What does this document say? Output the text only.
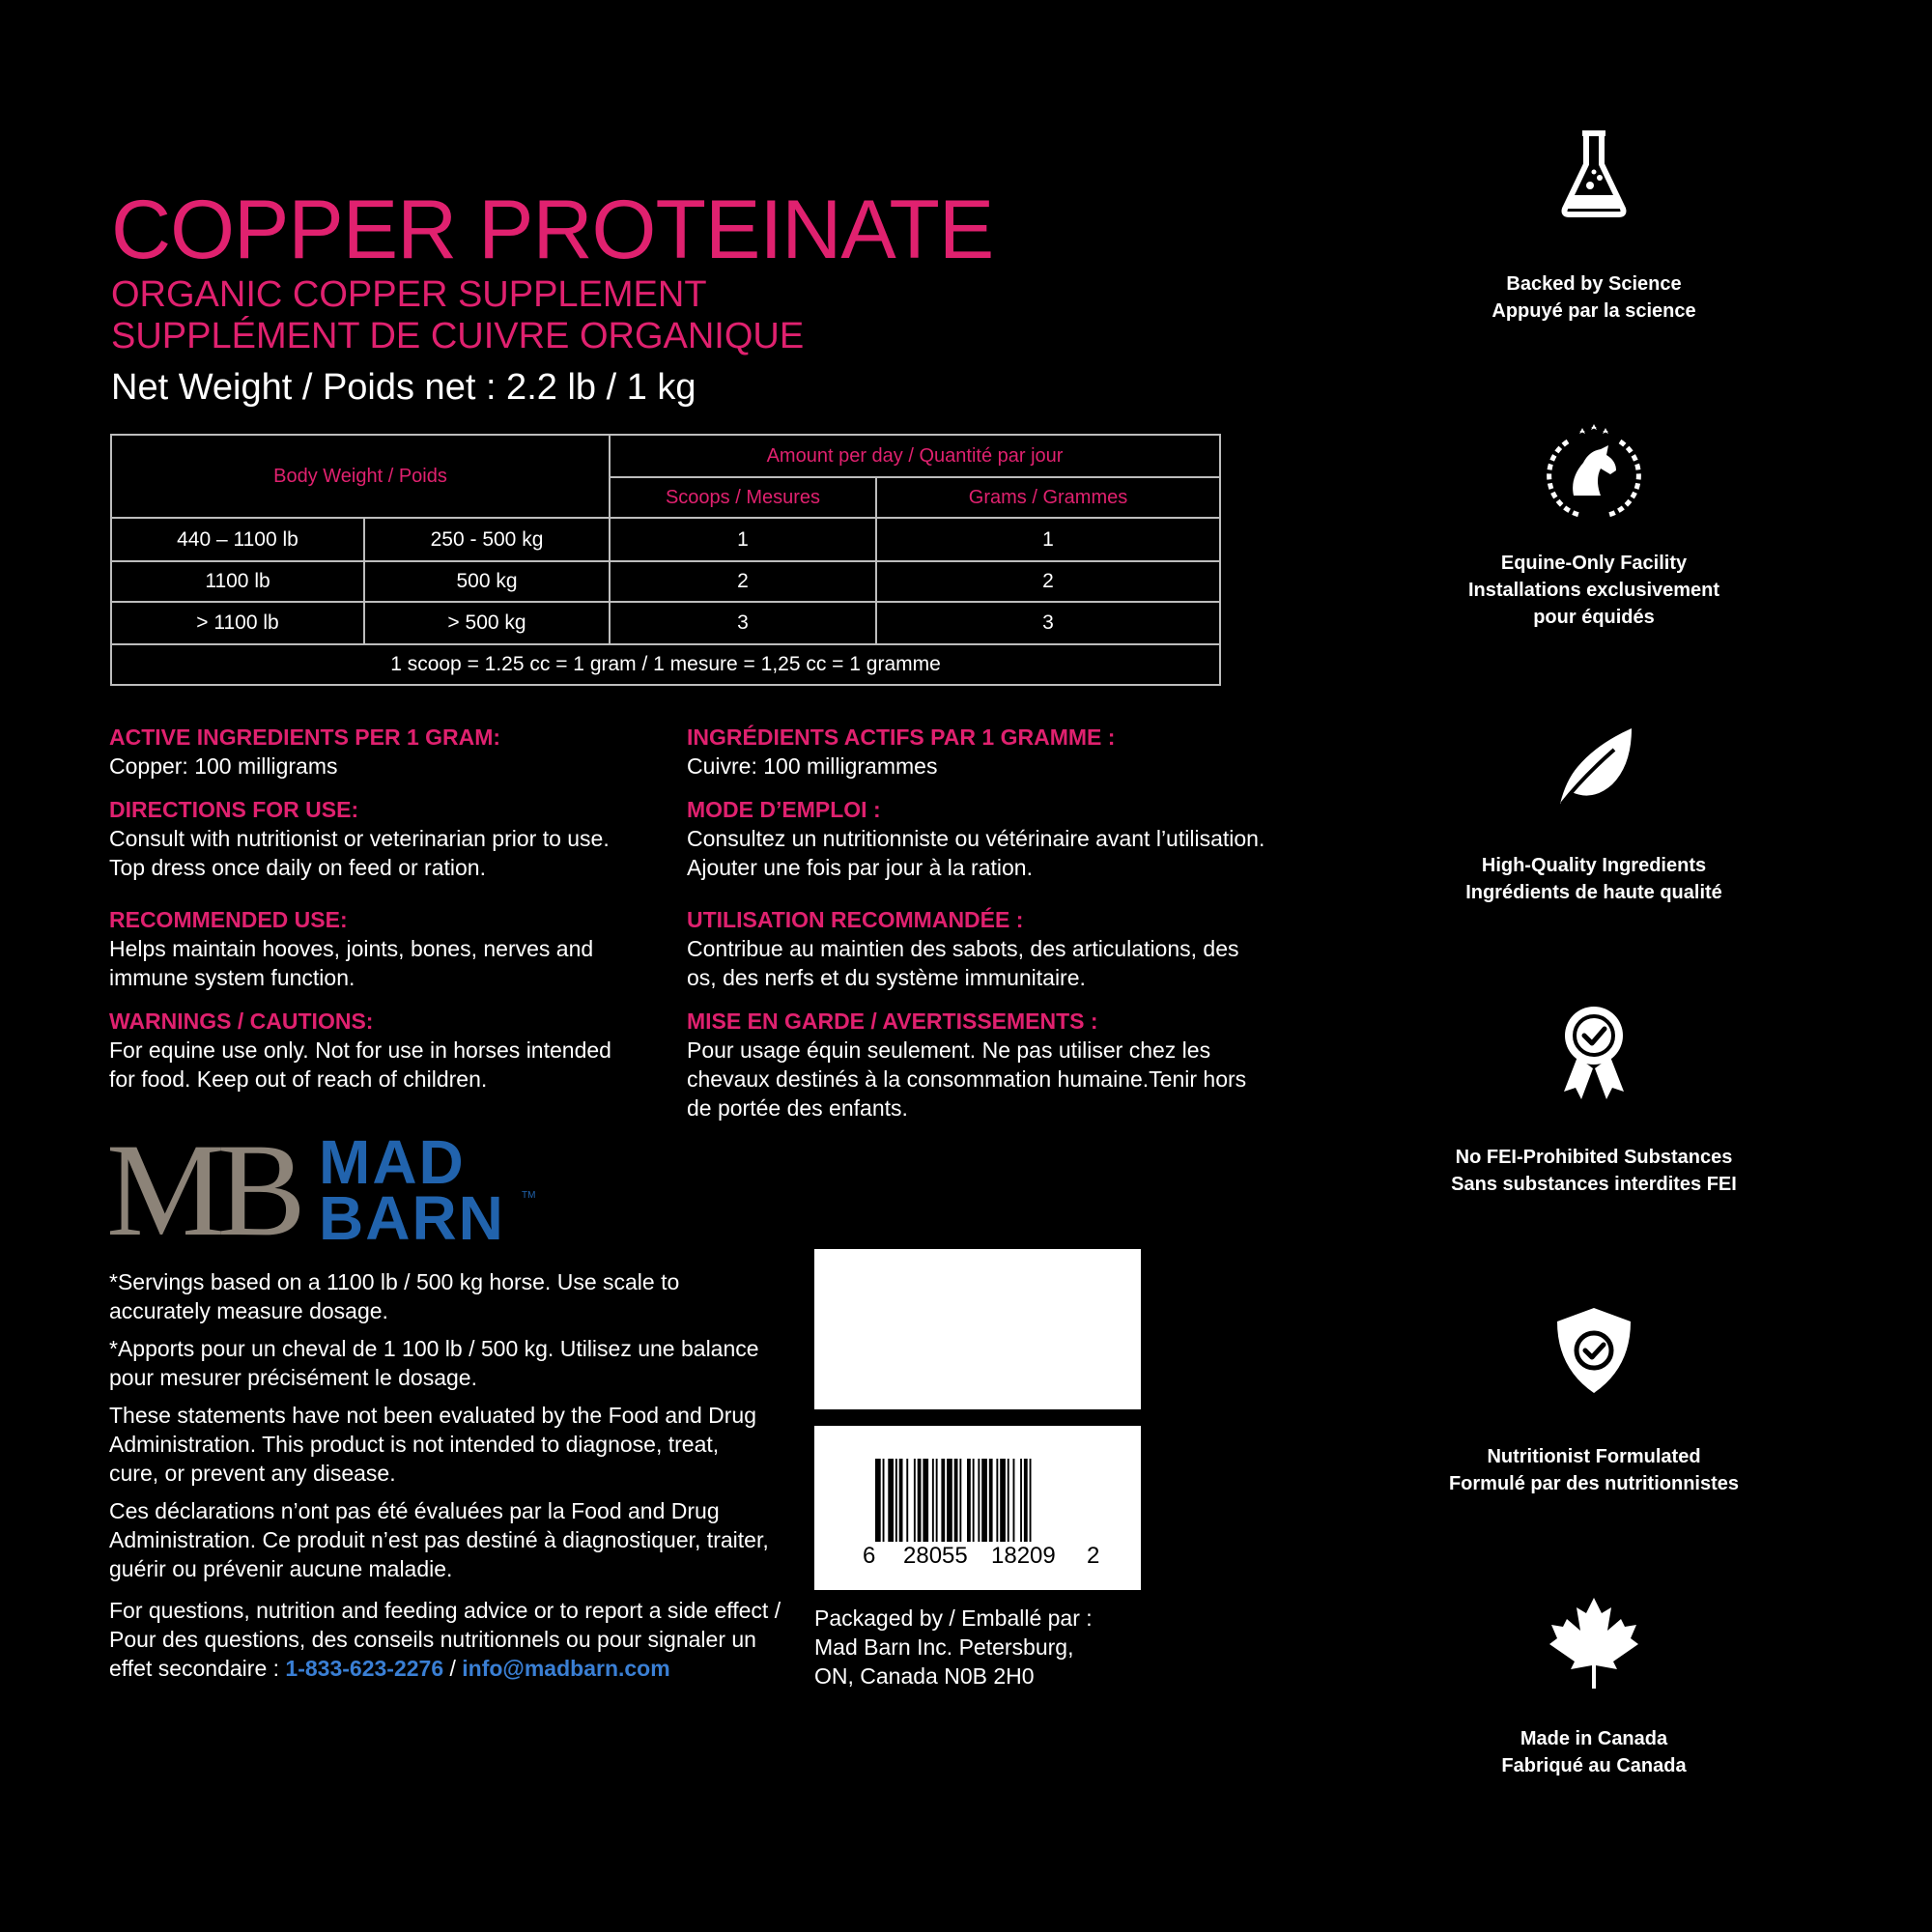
COPPER PROTEINATE
ORGANIC COPPER SUPPLEMENT
SUPPLÉMENT DE CUIVRE ORGANIQUE
Net Weight / Poids net : 2.2 lb / 1 kg
Body Weight / Poids		Amount per day / Quantité par jour	
		Scoops / Mesures	Grams / Grammes
440 – 1100 lb	250 - 500 kg	1	1
1100 lb	500 kg	2	2
> 1100 lb	> 500 kg	3	3
1 scoop = 1.25 cc = 1 gram / 1 mesure = 1,25 cc = 1 gramme			
ACTIVE INGREDIENTS PER 1 GRAM:
Copper: 100 milligrams
DIRECTIONS FOR USE:
Consult with nutritionist or veterinarian prior to use.
Top dress once daily on feed or ration.
RECOMMENDED USE:
Helps maintain hooves, joints, bones, nerves and
immune system function.
WARNINGS / CAUTIONS:
For equine use only. Not for use in horses intended
for food. Keep out of reach of children.
INGRÉDIENTS ACTIFS PAR 1 GRAMME :
Cuivre: 100 milligrammes
MODE D’EMPLOI :
Consultez un nutritionniste ou vétérinaire avant l’utilisation.
Ajouter une fois par jour à la ration.
UTILISATION RECOMMANDÉE :
Contribue au maintien des sabots, des articulations, des
os, des nerfs et du système immunitaire.
MISE EN GARDE / AVERTISSEMENTS :
Pour usage équin seulement. Ne pas utiliser chez les
chevaux destinés à la consommation humaine.Tenir hors
de portée des enfants.
MB MAD
BARN TM
*Servings based on a 1100 lb / 500 kg horse. Use scale to
accurately measure dosage.
*Apports pour un cheval de 1 100 lb / 500 kg. Utilisez une balance
pour mesurer précisément le dosage.
These statements have not been evaluated by the Food and Drug
Administration. This product is not intended to diagnose, treat,
cure, or prevent any disease.
Ces déclarations n’ont pas été évaluées par la Food and Drug
Administration. Ce produit n’est pas destiné à diagnostiquer, traiter,
guérir ou prévenir aucune maladie.
For questions, nutrition and feeding advice or to report a side effect /
Pour des questions, des conseils nutritionnels ou pour signaler un
effet secondaire : 1-833-623-2276 / info@madbarn.com
6 28055 18209 2
Packaged by / Emballé par :
Mad Barn Inc. Petersburg,
ON, Canada N0B 2H0
Backed by Science
Appuyé par la science
Equine-Only Facility
Installations exclusivement
pour équidés
High-Quality Ingredients
Ingrédients de haute qualité
No FEI-Prohibited Substances
Sans substances interdites FEI
Nutritionist Formulated
Formulé par des nutritionnistes
Made in Canada
Fabriqué au Canada
